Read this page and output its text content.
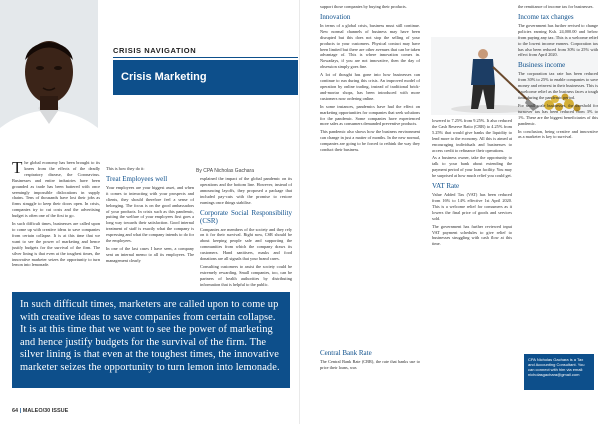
CRISIS NAVIGATION
Crisis Marketing
By CPA Nicholas Gachara

The global economy has been brought to its knees from the effects of the deadly respiratory disease, the Coronavirus. Businesses and entire industries have been grounded as trade has been battered with once seemingly impossible dislocations in supply chains. Tens of thousands have lost their jobs as firms struggle to keep their doors open. In crisis, companies try to cut costs and the advertising budget is often one of the first to go.

In such difficult times, businesses are called upon to come up with creative ideas to save companies from certain collapse. It is at this time that we want to see the power of marketing and hence justify budgets for the survival of the firm. The silver lining is that even at the toughest times, the innovative marketer seizes the opportunity to turn lemon into lemonade.

This is how they do it:

Treat Employees well

Your employees are your biggest asset, and when it comes to interacting with your prospects and clients, they should therefore feel a sense of belonging. The focus is on the good ambassadors of your products. In crisis such as this pandemic, putting the welfare of your employees first goes a long way towards their satisfaction. Good internal treatment of staff is exactly what the company is expressing and what the company intends to do for the employees.

In one of the last cases I have seen, a company sent an internal memo to all its employees. The management clearly

explained the impact of the global pandemic on its operations and the bottom line. However, instead of announcing layoffs, they proposed a package that included pay-cuts with the promise to restore earnings once things stabilise.

Corporate Social Responsibility (CSR)

Companies are members of the society and they rely on it for their survival. Right now, CSR should be about keeping people safe and supporting the communities from which the company draws its customers. Hand sanitisers, masks and food donations are all signals that your brand cares.

Consulting customers to assist the society could be extremely rewarding. Small companies, too, can be partners of health authorities by distributing information that is helpful to the public.

In such difficult times, marketers are called upon to come up with creative ideas to save companies from certain collapse. It is at this time that we want to see the power of marketing and hence justify budgets for the survival of the firm. The silver lining is that even at the toughest times, the innovative marketer seizes the opportunity to turn lemon into lemonade.
64 | MALEO/30 ISSUE

support those companies by buying their products.

Innovation

In terms of a global crisis, business must still continue. New normal channels of business may have been disrupted but this does not stop the selling of your products to your customers. Physical contact may have been limited but there are other avenues that can be taken advantage of. This is where innovation comes in. Nowadays, if you are not innovative, then the day of obsession simply goes fine.

A lot of thought has gone into how businesses can continue to run during this crisis. An improved model of operation by online trading, instead of traditional brick-and-mortar shops, has been introduced with more customers now ordering online.

In some instances, pandemics have had the effect on marketing opportunities for companies that seek solutions for the pandemic. Some companies have experienced more sales as consumers demanded preventive products.

This pandemic also shows how the business environment can change in just a matter of months. In the new normal, companies are going to be forced to rethink the way they conduct their business.

Central Bank Rate

The Central Bank Rate (CBR), the rate that banks use to price their loans, was

lowered to 7.25% from 9.25%. It also reduced the Cash Reserve Ratio (CRR) to 4.25% from 5.25% that would give banks the liquidity to lend more to the economy. All this is aimed at encouraging individuals and businesses to access credit to refinance their operations.

As a business owner, take the opportunity to talk to your bank about extending the payment period of your loan facility. You may be surprised at how much relief you could get.

VAT Rate

Value Added Tax (VAT) has been reduced from 16% to 14% effective 1st April 2020. This is a welcome relief for consumers as it lowers the final price of goods and services sold.

The government has further reviewed input VAT payment schedules to give relief to businesses struggling with cash flow at this time.

the remittance of income tax for businesses.

Income tax changes

The government has further revised to change policies earning Ksh. 24,000.00 and below from paying any tax. This is a welcome relief to the lowest income earners. Corporation tax has also been reduced from 30% to 25% with effect from April 2020.

Business income

The corporation tax rate has been reduced from 30% to 25% to enable companies to save money and reinvest in their businesses. This is a welcome relief as the business faces a tough time during the pandemic period.

For small scale businesses, the threshold for turnover tax has been reduced from 3% to 1%. These are the biggest beneficiaries of this pandemic.

In conclusion, being creative and innovative as a marketer is key to survival.

CPA Nicholas Gachara is a Tax and Accounting Consultant. You can connect with him via email: nicholasgachara@gmail.com
